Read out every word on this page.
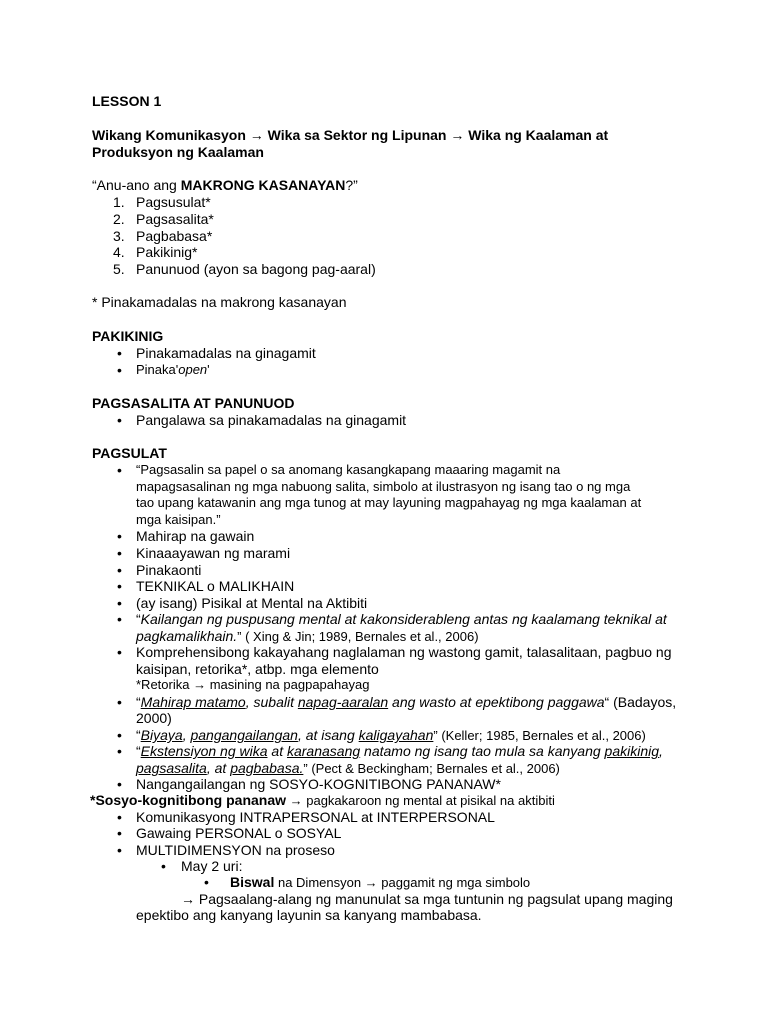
LESSON 1
Wikang Komunikasyon → Wika sa Sektor ng Lipunan → Wika ng Kaalaman at
Produksyon ng Kaalaman
“Anu-ano ang MAKRONG KASANAYAN?”
1. Pagsusulat*
2. Pagsasalita*
3. Pagbabasa*
4. Pakikinig*
5. Panunuod (ayon sa bagong pag-aaral)
* Pinakamadalas na makrong kasanayan
PAKIKINIG
• Pinakamadalas na ginagamit
• Pinaka'open'
PAGSASALITA AT PANUNUOD
• Pangalawa sa pinakamadalas na ginagamit
PAGSULAT
• “Pagsasalin sa papel o sa anomang kasangkapang maaaring magamit na
mapagsasalinan ng mga nabuong salita, simbolo at ilustrasyon ng isang tao o ng mga
tao upang katawanin ang mga tunog at may layuning magpahayag ng mga kaalaman at
mga kaisipan.”
• Mahirap na gawain
• Kinaaayawan ng marami
• Pinakaonti
• TEKNIKAL o MALIKHAIN
• (ay isang) Pisikal at Mental na Aktibiti
• “Kailangan ng puspusang mental at kakonsiderableng antas ng kaalamang teknikal at
pagkamalikhain.” ( Xing & Jin; 1989, Bernales et al., 2006)
• Komprehensibong kakayahang naglalaman ng wastong gamit, talasalitaan, pagbuo ng
kaisipan, retorika*, atbp. mga elemento
*Retorika → masining na pagpapahayag
• “Mahirap matamo, subalit napag-aaralan ang wasto at epektibong paggawa“ (Badayos,
2000)
• “Biyaya, pangangailangan, at isang kaligayahan” (Keller; 1985, Bernales et al., 2006)
• “Ekstensiyon ng wika at karanasang natamo ng isang tao mula sa kanyang pakikinig,
pagsasalita, at pagbabasa.” (Pect & Beckingham; Bernales et al., 2006)
• Nangangailangan ng SOSYO-KOGNITIBONG PANANAW*
*Sosyo-kognitibong pananaw → pagkakaroon ng mental at pisikal na aktibiti
• Komunikasyong INTRAPERSONAL at INTERPERSONAL
• Gawaing PERSONAL o SOSYAL
• MULTIDIMENSYON na proseso
• May 2 uri:
• Biswal na Dimensyon → paggamit ng mga simbolo
→ Pagsaalang-alang ng manunulat sa mga tuntunin ng pagsulat upang maging
epektibo ang kanyang layunin sa kanyang mambabasa.
